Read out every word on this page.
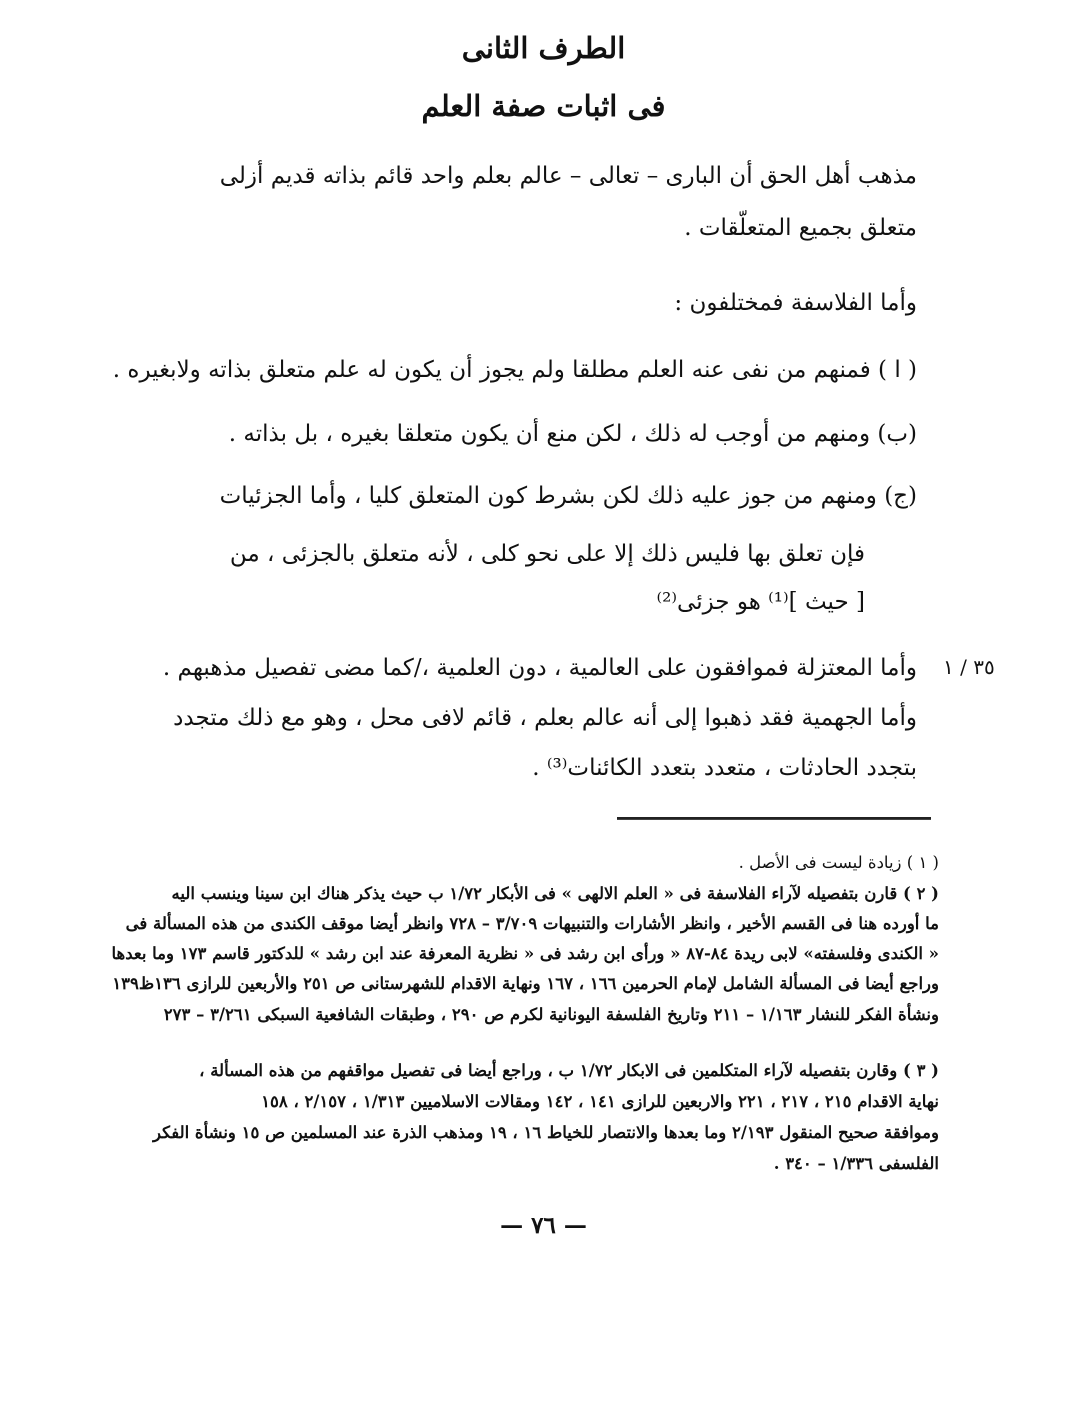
الطرف الثانى
فى اثبات صفة العلم
مذهب أهل الحق أن البارى – تعالى – عالم بعلم واحد قائم بذاته قديم أزلى
متعلق بجميع المتعلّقات .
وأما الفلاسفة فمختلفون :
( ا ) فمنهم من نفى عنه العلم مطلقا ولم يجوز أن يكون له علم متعلق بذاته ولابغيره .
(ب) ومنهم من أوجب له ذلك ، لكن منع أن يكون متعلقا بغيره ، بل بذاته .
(ج) ومنهم من جوز عليه ذلك لكن بشرط كون المتعلق كليا ، وأما الجزئيات
فإن تعلق بها فليس ذلك إلا على نحو كلى ، لأنه متعلق بالجزئى ، من
[ حيث ]⁽¹⁾ هو جزئى⁽²⁾
وأما المعتزلة فموافقون على العالمية ، دون العلمية ،/كما مضى تفصيل مذهبهم .
وأما الجهمية فقد ذهبوا إلى أنه عالم بعلم ، قائم لافى محل ، وهو مع ذلك متجدد
بتجدد الحادثات ، متعدد بتعدد الكائنات⁽³⁾ .
٣٥ / ١
( ١ ) زيادة ليست فى الأصل .
( ٢ ) قارن بتفصيله لآراء الفلاسفة فى « العلم الالهى » فى الأبكار ١/٧٢ ب حيث يذكر هناك ابن سينا وينسب اليه
ما أورده هنا فى القسم الأخير ، وانظر الأشارات والتنبيهات ٣/٧٠٩ – ٧٢٨ وانظر أيضا موقف الكندى من هذه المسألة فى
« الكندى وفلسفته» لابى ريدة ٨٤-٨٧ « ورأى ابن رشد فى « نظرية المعرفة عند ابن رشد » للدكتور قاسم ١٧٣ وما بعدها
وراجع أيضا فى المسألة الشامل لإمام الحرمين ١٦٦ ، ١٦٧ ونهاية الاقدام للشهرستانى ص ٢٥١ والأربعين للرازى ١٣٦ظ١٣٩
ونشأة الفكر للنشار ١/١٦٣ – ٢١١ وتاريخ الفلسفة اليونانية لكرم ص ٢٩٠ ، وطبقات الشافعية السبكى ٣/٢٦١ – ٢٧٣
( ٣ ) وقارن بتفصيله لآراء المتكلمين فى الابكار ١/٧٢ ب ، وراجع أيضا فى تفصيل مواقفهم من هذه المسألة ،
نهاية الاقدام ٢١٥ ، ٢١٧ ، ٢٢١ والاربعين للرازى ١٤١ ، ١٤٢ ومقالات الاسلاميين ١/٣١٣ ، ٢/١٥٧ ، ١٥٨
وموافقة صحيح المنقول ٢/١٩٣ وما بعدها والانتصار للخياط ١٦ ، ١٩ ومذهب الذرة عند المسلمين ص ١٥ ونشأة الفكر
الفلسفى ١/٣٣٦ – ٣٤٠ .
— ٧٦ —
